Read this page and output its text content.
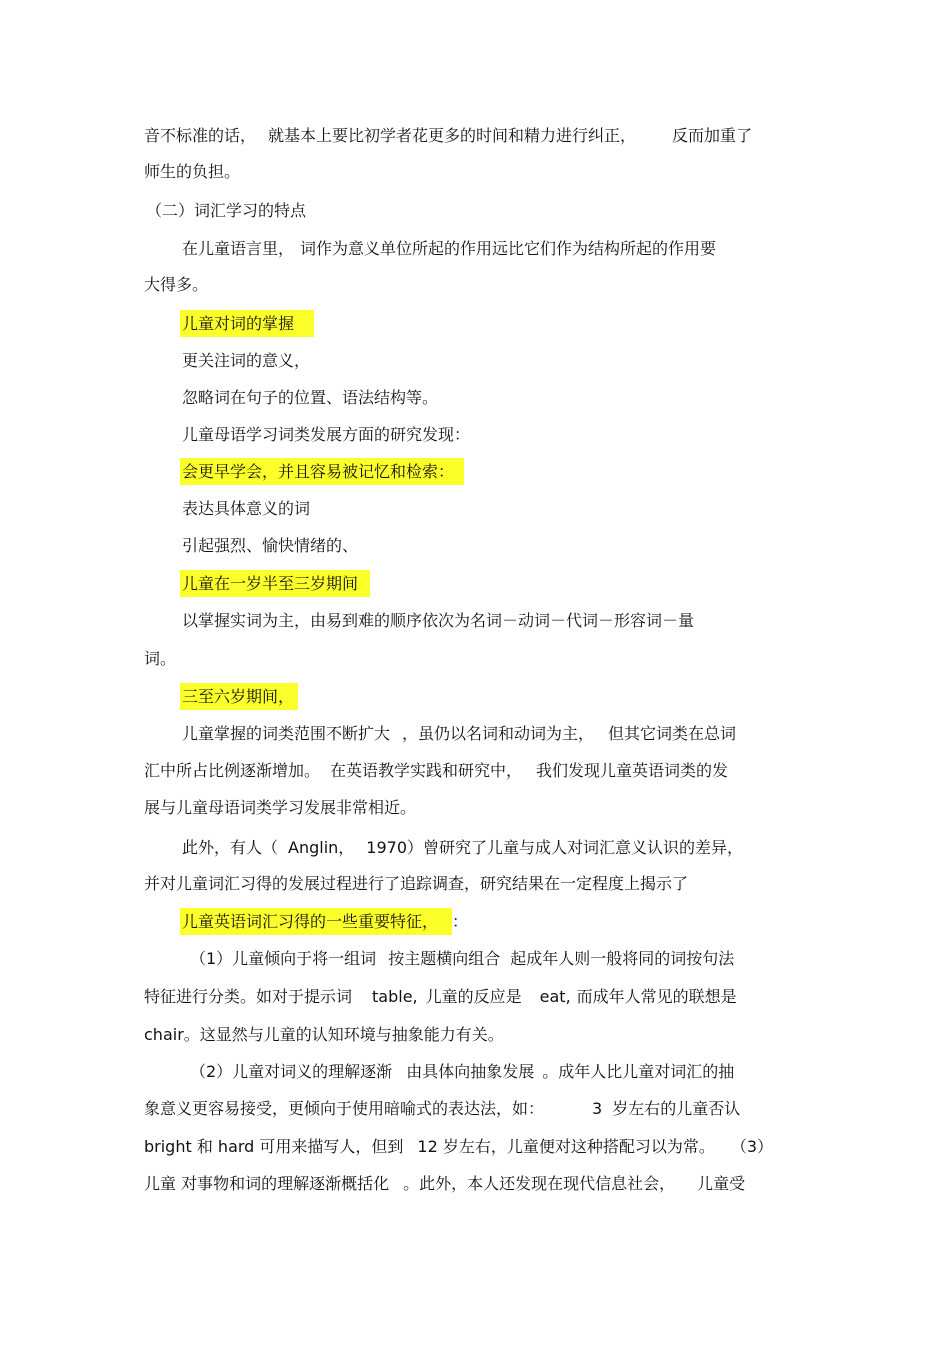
音不标准的话， 就基本上要比初学者花更多的时间和精力进行纠正， 反而加重了
师生的负担。
（二）词汇学习的特点
在儿童语言里， 词作为意义单位所起的作用远比它们作为结构所起的作用要
大得多。
儿童对词的掌握
更关注词的意义，
忽略词在句子的位置、语法结构等。
儿童母语学习词类发展方面的研究发现：
会更早学会，并且容易被记忆和检索：
表达具体意义的词
引起强烈、愉快情绪的、
儿童在一岁半至三岁期间
以掌握实词为主，由易到难的顺序依次为名词－动词－代词－形容词－量
词。
三至六岁期间，
儿童掌握的词类范围不断扩大 ，虽仍以名词和动词为主， 但其它词类在总词
汇中所占比例逐渐增加。 在英语教学实践和研究中， 我们发现儿童英语词类的发
展与儿童母语词类学习发展非常相近。
此外，有人（ Anglin， 1970）曾研究了儿童与成人对词汇意义认识的差异，
并对儿童词汇习得的发展过程进行了追踪调查，研究结果在一定程度上揭示了
儿童英语词汇习得的一些重要特征， ：
（1）儿童倾向于将一组词 按主题横向组合 起成年人则一般将同的词按句法
特征进行分类。如对于提示词 table, 儿童的反应是 eat, 而成年人常见的联想是
chair。这显然与儿童的认知环境与抽象能力有关。
（2）儿童对词义的理解逐渐 由具体向抽象发展 。成年人比儿童对词汇的抽
象意义更容易接受，更倾向于使用暗喻式的表达法，如：	3 岁左右的儿童否认
bright 和 hard 可用来描写人，但到 12 岁左右，儿童便对这种搭配习以为常。 （3）
儿童 对事物和词的理解逐渐概括化 。此外，本人还发现在现代信息社会， 儿童受
